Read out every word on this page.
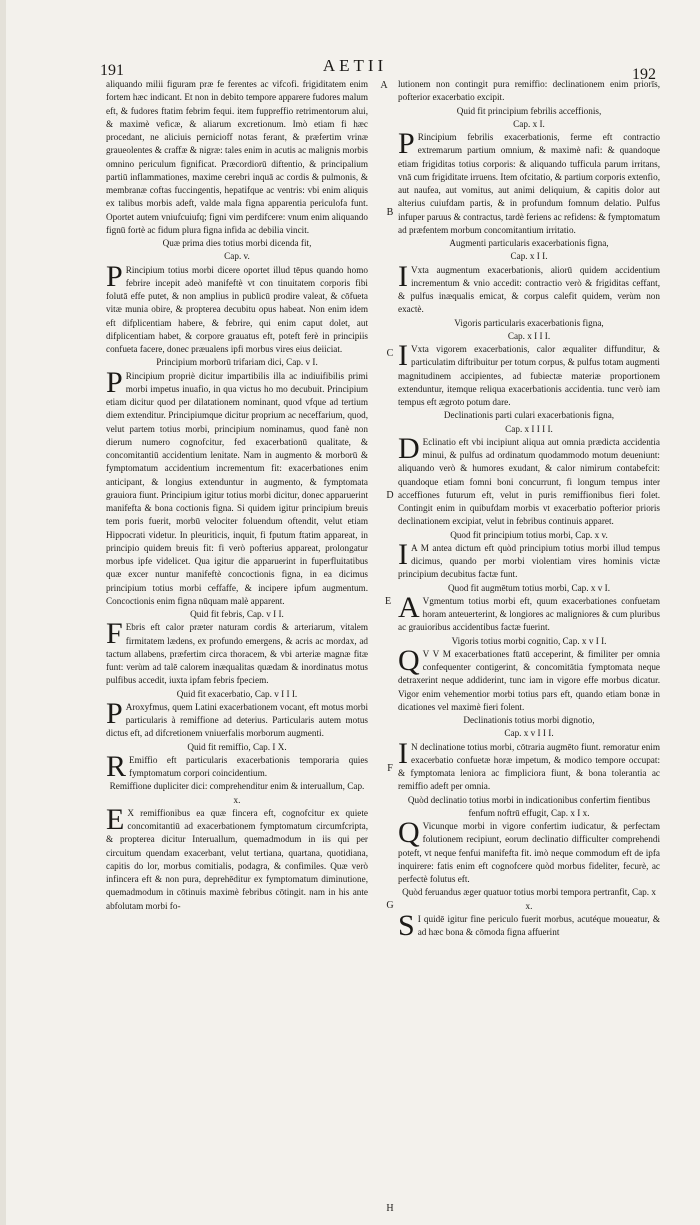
191	AETII	192

aliquando milii figuram præ fe ferentes ac vifcofi. frigiditatem enim fortem hæc indicant. Et non in debito tempore apparere fudores malum eft, & fudores ftatim febrim fequi. item fuppreffio retrimentorum alui, & maximè veficæ, & aliarum excretionum. Imò etiam fi hæc procedant, ne aliciuis pernicioff notas ferant, & præfertim vrinæ graueolentes & craffæ & nigræ: tales enim in acutis ac malignis morbis omnino periculum fignificat. Præcordiorū diftentio, & principalium partiū inflammationes, maxime cerebri inquā ac cordis & pulmonis, & membranæ coftas fuccingentis, hepatifque ac ventris: vbi enim aliquis ex talibus morbis adeft, valde mala figna apparentia periculofa funt. Oportet autem vniufcuiufq; figni vim perdifcere: vnum enim aliquando fignū fortè ac fidum plura figna infida ac debilia vincit.

Quæ prima dies totius morbi dicenda fit,

Cap. v.

P Rincipium totius morbi dicere oportet illud tēpus quando homo febrire incepit adeò manifeftè vt con tinuitatem corporis fibi folutā effe putet, & non amplius in publicū prodire valeat, & cōfueta vitæ munia obire, & propterea decubitu opus habeat. Non enim idem eft difplicentiam habere, & febrire, qui enim caput dolet, aut difplicentiam habet, & corpore grauatus eft, poteft ferè in principiis confueta facere, donec præualens ipfi morbus vires eius deiiciat.

Principium morborū trifariam dici, Cap. v I.

P Rincipium propriè dicitur impartibilis illa ac indiuifibilis primi morbi impetus inuafio, in qua victus ho mo decubuit. Principium etiam dicitur quod per dilatationem nominant, quod vfque ad tertium diem extenditur. Principiumque dicitur proprium ac neceffarium, quod, velut partem totius morbi, principium nominamus, quod fanè non dierum numero cognofcitur, fed exacerbationū qualitate, & concomitantiū accidentium lenitate. Nam in augmento & morborū & fymptomatum accidentium incrementum fit: exacerbationes enim anticipant, & longius extenduntur in augmento, & fymptomata grauiora fiunt. Principium igitur totius morbi dicitur, donec apparuerint manifefta & bona coctionis figna. Si quidem igitur principium breuis tem poris fuerit, morbū velociter foluendum oftendit, velut etiam Hippocrati videtur. In pleuriticis, inquit, fi fputum ftatim appareat, in principio quidem breuis fit: fi verò pofterius appareat, prolongatur morbus ipfe videlicet. Qua igitur die apparuerint in fuperfluitatibus quæ excer nuntur manifeftè concoctionis figna, in ea dicimus principium totius morbi ceffaffe, & incipere ipfum augmentum. Concoctionis enim figna nūquam malè apparent.

Quid fit febris, Cap. v I I.

F Ebris eft calor præter naturam cordis & arteriarum, vitalem firmitatem lædens, ex profundo emergens, & acris ac mordax, ad tactum allabens, præfertim circa thoracem, & vbi arteriæ magnæ fitæ funt: verùm ad talē calorem inæqualitas quædam & inordinatus motus pulfibus accedit, iuxta ipfam febris fpeciem.

Quid fit exacerbatio, Cap. v I I I.

P Aroxyfmus, quem Latini exacerbationem vocant, eft motus morbi particularis à remiffione ad deterius. Particularis autem motus dictus eft, ad difcretionem vniuerfalis morborum augmenti.

Quid fit remiffio, Cap. I X.

R Emiffio eft particularis exacerbationis temporaria quies fymptomatum corpori coincidentium.

Remiffione dupliciter dici: comprehenditur enim & interuallum, Cap. x.

E X remiffionibus ea quæ fincera eft, cognofcitur ex quiete concomitantiū ad exacerbationem fymptomatum circumfcripta, & propterea dicitur Interuallum, quemadmodum in iis qui per circuitum quendam exacerbant, velut tertiana, quartana, quotidiana, capitis do lor, morbus comitialis, podagra, & confimiles. Quæ verò infincera eft & non pura, deprehēditur ex fymptomatum diminutione, quemadmodum in cōtinuis maximè febribus cōtingit. nam in his ante abfolutam morbi fo-

lutionem non contingit pura remiffio: declinationem enim priorīs, pofterior exacerbatio excipit.

Quid fit principium febrilis acceffionis,

Cap. x I.

P Rincipium febrilis exacerbationis, ferme eft contractio extremarum partium omnium, & maximè nafi: & quandoque etiam frigiditas totius corporis: & aliquando tufficula parum irritans, vnā cum frigiditate irruens. Item ofcitatio, & partium corporis extenfio, aut naufea, aut vomitus, aut animi deliquium, & capitis dolor aut alterius cuiufdam partis, & in profundum fomnum delatio. Pulfus infuper paruus & contractus, tardè feriens ac refidens: & fymptomatum ad præfentem morbum concomitantium irritatio.

Augmenti particularis exacerbationis figna,

Cap. x I I.

I Vxta augmentum exacerbationis, aliorū quidem accidentium incrementum & vnio accedit: contractio verò & frigiditas ceffant, & pulfus inæqualis emicat, & corpus calefit quidem, verùm non exactè.

Vigoris particularis exacerbationis figna,

Cap. x I I I.

I Vxta vigorem exacerbationis, calor æqualiter diffunditur, & particulatim diftribuitur per totum corpus, & pulfus totam augmenti magnitudinem accipientes, ad fubiectæ materiæ proportionem extenduntur, itemque reliqua exacerbationis accidentia. tunc verò iam tempus eft ægroto potum dare.

Declinationis parti culari exacerbationis figna,

Cap. x I I I I.

D Eclinatio eft vbi incipiunt aliqua aut omnia prædicta accidentia minui, & pulfus ad ordinatum quodammodo motum deueniunt: aliquando verò & humores exudant, & calor nimirum contabefcit: quandoque etiam fomni boni concurrunt, fi longum tempus inter acceffiones futurum eft, velut in puris remiffionibus fieri folet. Contingit enim in quibufdam morbis vt exacerbatio pofterior prioris declinationem excipiat, velut in febribus continuis apparet.

Quod fit principium totius morbi, Cap. x v.

I A M antea dictum eft quòd principium totius morbi illud tempus dicimus, quando per morbi violentiam vires hominis victæ principium decubitus factæ funt.

Quod fit augmētum totius morbi, Cap. x v I.

A Vgmentum totius morbi eft, quum exacerbationes confuetam horam anteuerterint, & longiores ac maligniores & cum pluribus ac grauioribus accidentibus factæ fuerint.

Vigoris totius morbi cognitio, Cap. x v I I.

Q V V M exacerbationes ftatū acceperint, & fimiliter per omnia confequenter contigerint, & concomitātia fymptomata neque detraxerint neque addiderint, tunc iam in vigore effe morbus dicatur. Vigor enim vehementior morbi totius pars eft, quando etiam bonæ in dicationes vel maximè fieri folent.

Declinationis totius morbi dignotio,

Cap. x v I I I.

I N declinatione totius morbi, cōtraria augmēto fiunt. remoratur enim exacerbatio confuetæ horæ impetum, & modico tempore occupat: & fymptomata leniora ac fimpliciora fiunt, & bona tolerantia ac remiffio adeft per omnia.

Quòd declinatio totius morbi in indicationibus confertim fientibus fenfum noftrū effugit, Cap. x I x.

Q Vicunque morbi in vigore confertim iudicatur, & perfectam folutionem recipiunt, eorum declinatio difficulter comprehendi poteft, vt neque fenfui manifefta fit. imò neque commodum eft de ipfa inquirere: fatis enim eft cognofcere quòd morbus fideliter, fecurè, ac perfectè folutus eft.

Quòd feruandus æger quatuor totius morbi tempora pertranfit, Cap. x x.

S I quidē igitur fine periculo fuerit morbus, acutéque moueatur, & ad hæc bona & cōmoda figna affuerint

A
B
C
D
E
F
G
H
